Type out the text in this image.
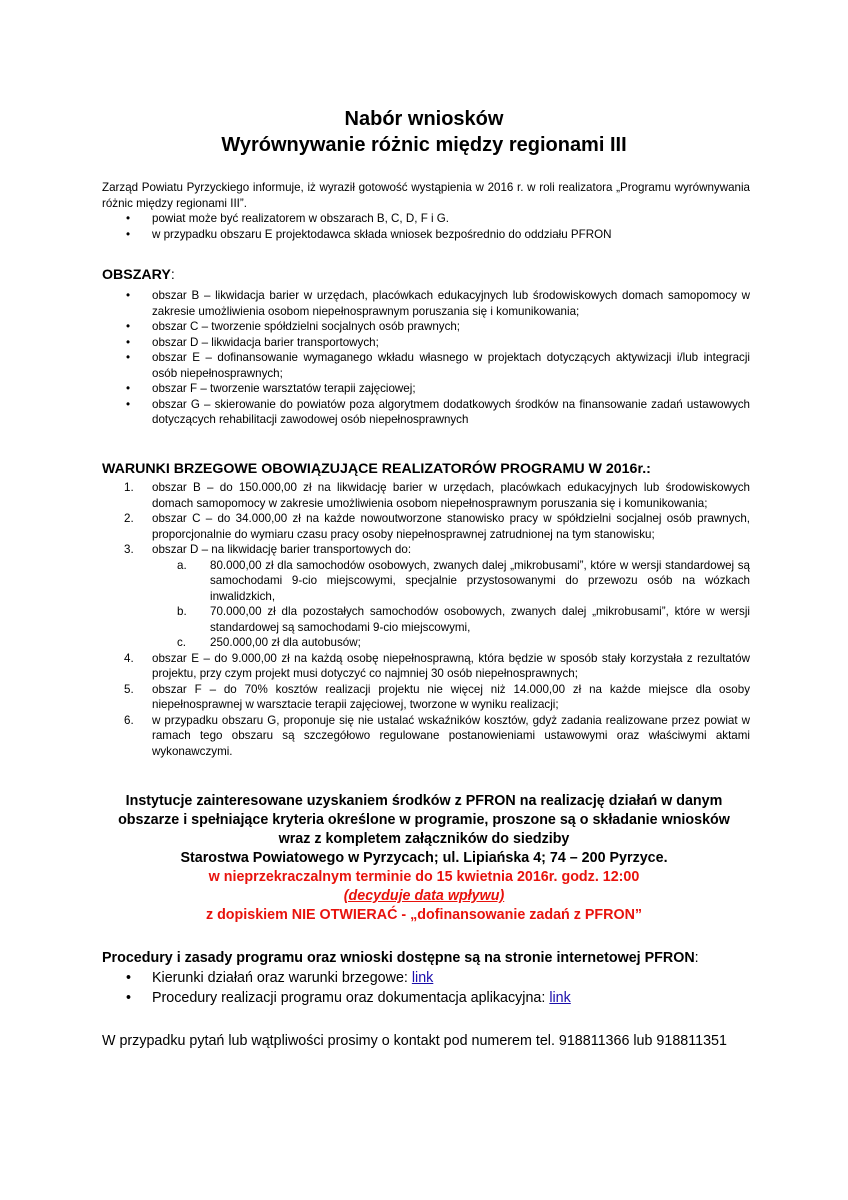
Nabór wniosków
Wyrównywanie różnic między regionami III
Zarząd Powiatu Pyrzyckiego informuje, iż wyraził gotowość wystąpienia w 2016 r. w roli realizatora „Programu wyrównywania różnic między regionami III”.
• powiat może być realizatorem w obszarach B, C, D, F i G.
• w przypadku obszaru E projektodawca składa wniosek bezpośrednio do oddziału PFRON
OBSZARY:
• obszar B – likwidacja barier w urzędach, placówkach edukacyjnych lub środowiskowych domach samopomocy w zakresie umożliwienia osobom niepełnosprawnym poruszania się i komunikowania;
• obszar C – tworzenie spółdzielni socjalnych osób prawnych;
• obszar D – likwidacja barier transportowych;
• obszar E – dofinansowanie wymaganego wkładu własnego w projektach dotyczących aktywizacji i/lub integracji osób niepełnosprawnych;
• obszar F – tworzenie warsztatów terapii zajęciowej;
• obszar G – skierowanie do powiatów poza algorytmem dodatkowych środków na finansowanie zadań ustawowych dotyczących rehabilitacji zawodowej osób niepełnosprawnych
WARUNKI BRZEGOWE OBOWIĄZUJĄCE REALIZATORÓW PROGRAMU W 2016r.:
1. obszar B – do 150.000,00 zł na likwidację barier w urzędach, placówkach edukacyjnych lub środowiskowych domach samopomocy w zakresie umożliwienia osobom niepełnosprawnym poruszania się i komunikowania;
2. obszar C – do 34.000,00 zł na każde nowoutworzone stanowisko pracy w spółdzielni socjalnej osób prawnych, proporcjonalnie do wymiaru czasu pracy osoby niepełnosprawnej zatrudnionej na tym stanowisku;
3. obszar D – na likwidację barier transportowych do:
a. 80.000,00 zł dla samochodów osobowych, zwanych dalej „mikrobusami”, które w wersji standardowej są samochodami 9-cio miejscowymi, specjalnie przystosowanymi do przewozu osób na wózkach inwalidzkich,
b. 70.000,00 zł dla pozostałych samochodów osobowych, zwanych dalej „mikrobusami”, które w wersji standardowej są samochodami 9-cio miejscowymi,
c. 250.000,00 zł dla autobusów;
4. obszar E – do 9.000,00 zł na każdą osobę niepełnosprawną, która będzie w sposób stały korzystała z rezultatów projektu, przy czym projekt musi dotyczyć co najmniej 30 osób niepełnosprawnych;
5. obszar F – do 70% kosztów realizacji projektu nie więcej niż 14.000,00 zł na każde miejsce dla osoby niepełnosprawnej w warsztacie terapii zajęciowej, tworzone w wyniku realizacji;
6. w przypadku obszaru G, proponuje się nie ustalać wskaźników kosztów, gdyż zadania realizowane przez powiat w ramach tego obszaru są szczegółowo regulowane postanowieniami ustawowymi oraz właściwymi aktami wykonawczymi.
Instytucje zainteresowane uzyskaniem środków z PFRON na realizację działań w danym
obszarze i spełniające kryteria określone w programie, proszone są o składanie wniosków
wraz z kompletem załączników do siedziby
Starostwa Powiatowego w Pyrzycach; ul. Lipiańska 4; 74 – 200 Pyrzyce.
w nieprzekraczalnym terminie do 15 kwietnia 2016r. godz. 12:00
(decyduje data wpływu)
z dopiskiem NIE OTWIERAĆ - „dofinansowanie zadań z PFRON”
Procedury i zasady programu oraz wnioski dostępne są na stronie internetowej PFRON:
• Kierunki działań oraz warunki brzegowe: link
• Procedury realizacji programu oraz dokumentacja aplikacyjna: link
W przypadku pytań lub wątpliwości prosimy o kontakt pod numerem tel. 918811366 lub 918811351
